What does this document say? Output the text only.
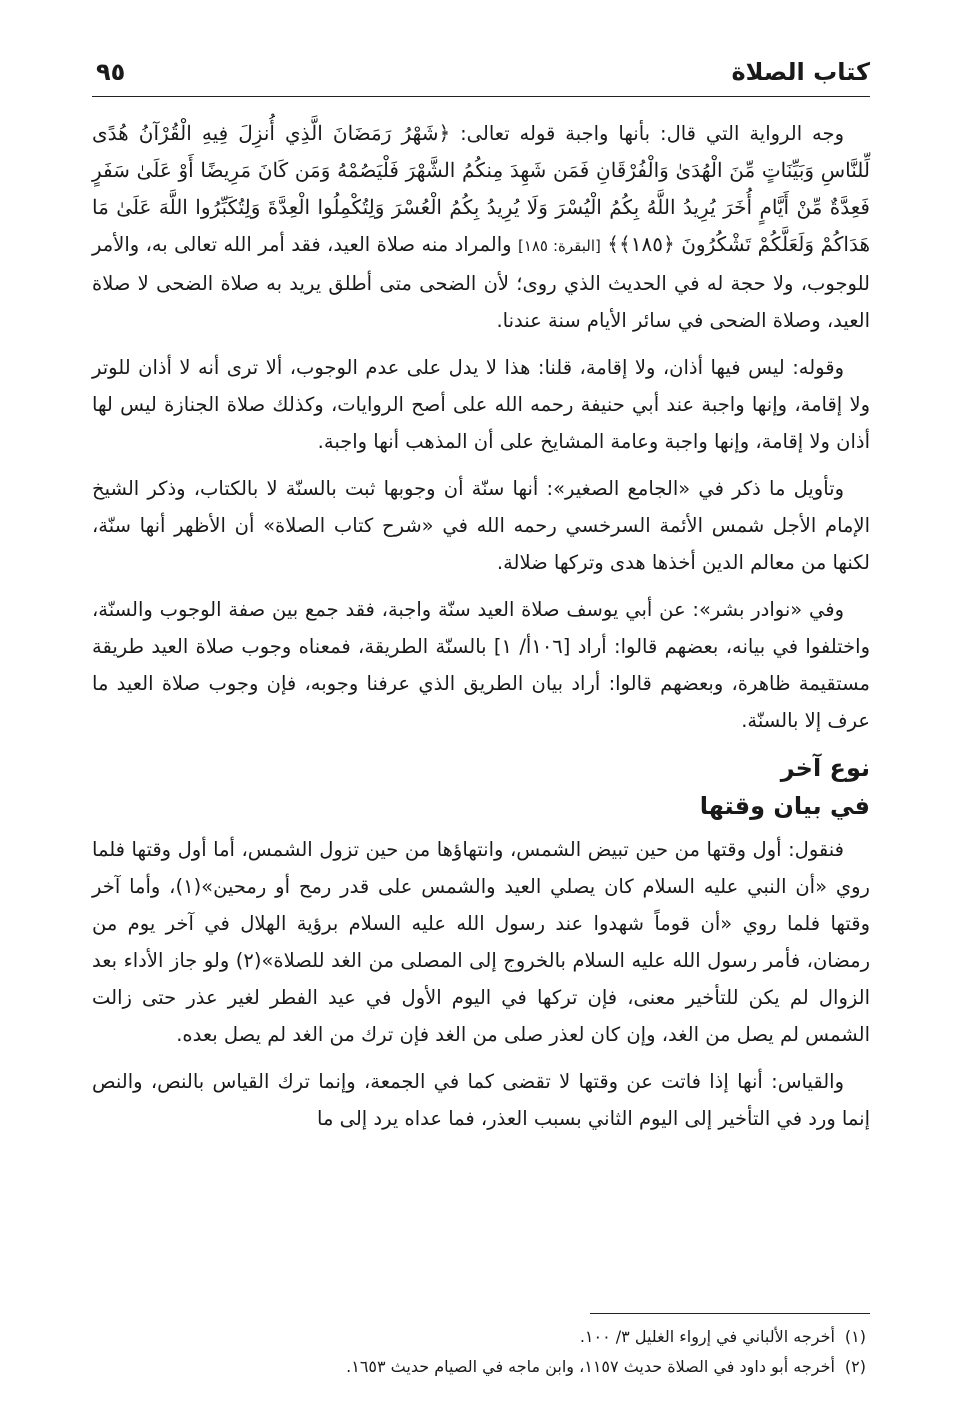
كتاب الصلاة
٩٥

وجه الرواية التي قال: بأنها واجبة قوله تعالى: ﴿شَهْرُ رَمَضَانَ الَّذِي أُنزِلَ فِيهِ الْقُرْآنُ هُدًى لِّلنَّاسِ وَبَيِّنَاتٍ مِّنَ الْهُدَىٰ وَالْفُرْقَانِ فَمَن شَهِدَ مِنكُمُ الشَّهْرَ فَلْيَصُمْهُ وَمَن كَانَ مَرِيضًا أَوْ عَلَىٰ سَفَرٍ فَعِدَّةٌ مِّنْ أَيَّامٍ أُخَرَ يُرِيدُ اللَّهُ بِكُمُ الْيُسْرَ وَلَا يُرِيدُ بِكُمُ الْعُسْرَ وَلِتُكْمِلُوا الْعِدَّةَ وَلِتُكَبِّرُوا اللَّهَ عَلَىٰ مَا هَدَاكُمْ وَلَعَلَّكُمْ تَشْكُرُونَ ﴿١٨٥﴾﴾ [البقرة: ١٨٥] والمراد منه صلاة العيد، فقد أمر الله تعالى به، والأمر للوجوب، ولا حجة له في الحديث الذي روى؛ لأن الضحى متى أطلق يريد به صلاة الضحى لا صلاة العيد، وصلاة الضحى في سائر الأيام سنة عندنا.

وقوله: ليس فيها أذان، ولا إقامة، قلنا: هذا لا يدل على عدم الوجوب، ألا ترى أنه لا أذان للوتر ولا إقامة، وإنها واجبة عند أبي حنيفة رحمه الله على أصح الروايات، وكذلك صلاة الجنازة ليس لها أذان ولا إقامة، وإنها واجبة وعامة المشايخ على أن المذهب أنها واجبة.

وتأويل ما ذكر في «الجامع الصغير»: أنها سنّة أن وجوبها ثبت بالسنّة لا بالكتاب، وذكر الشيخ الإمام الأجل شمس الأئمة السرخسي رحمه الله في «شرح كتاب الصلاة» أن الأظهر أنها سنّة، لكنها من معالم الدين أخذها هدى وتركها ضلالة.

وفي «نوادر بشر»: عن أبي يوسف صلاة العيد سنّة واجبة، فقد جمع بين صفة الوجوب والسنّة، واختلفوا في بيانه، بعضهم قالوا: أراد [١٠٦أ/ ١] بالسنّة الطريقة، فمعناه وجوب صلاة العيد طريقة مستقيمة ظاهرة، وبعضهم قالوا: أراد بيان الطريق الذي عرفنا وجوبه، فإن وجوب صلاة العيد ما عرف إلا بالسنّة.

نوع آخر
في بيان وقتها

فنقول: أول وقتها من حين تبيض الشمس، وانتهاؤها من حين تزول الشمس، أما أول وقتها فلما روي «أن النبي عليه السلام كان يصلي العيد والشمس على قدر رمح أو رمحين»(١)، وأما آخر وقتها فلما روي «أن قوماً شهدوا عند رسول الله عليه السلام برؤية الهلال في آخر يوم من رمضان، فأمر رسول الله عليه السلام بالخروج إلى المصلى من الغد للصلاة»(٢) ولو جاز الأداء بعد الزوال لم يكن للتأخير معنى، فإن تركها في اليوم الأول في عيد الفطر لغير عذر حتى زالت الشمس لم يصل من الغد، وإن كان لعذر صلى من الغد فإن ترك من الغد لم يصل بعده.

والقياس: أنها إذا فاتت عن وقتها لا تقضى كما في الجمعة، وإنما ترك القياس بالنص، والنص إنما ورد في التأخير إلى اليوم الثاني بسبب العذر، فما عداه يرد إلى ما

(١)أخرجه الألباني في إرواء الغليل ٣/ ١٠٠.
(٢)أخرجه أبو داود في الصلاة حديث ١١٥٧، وابن ماجه في الصيام حديث ١٦٥٣.
